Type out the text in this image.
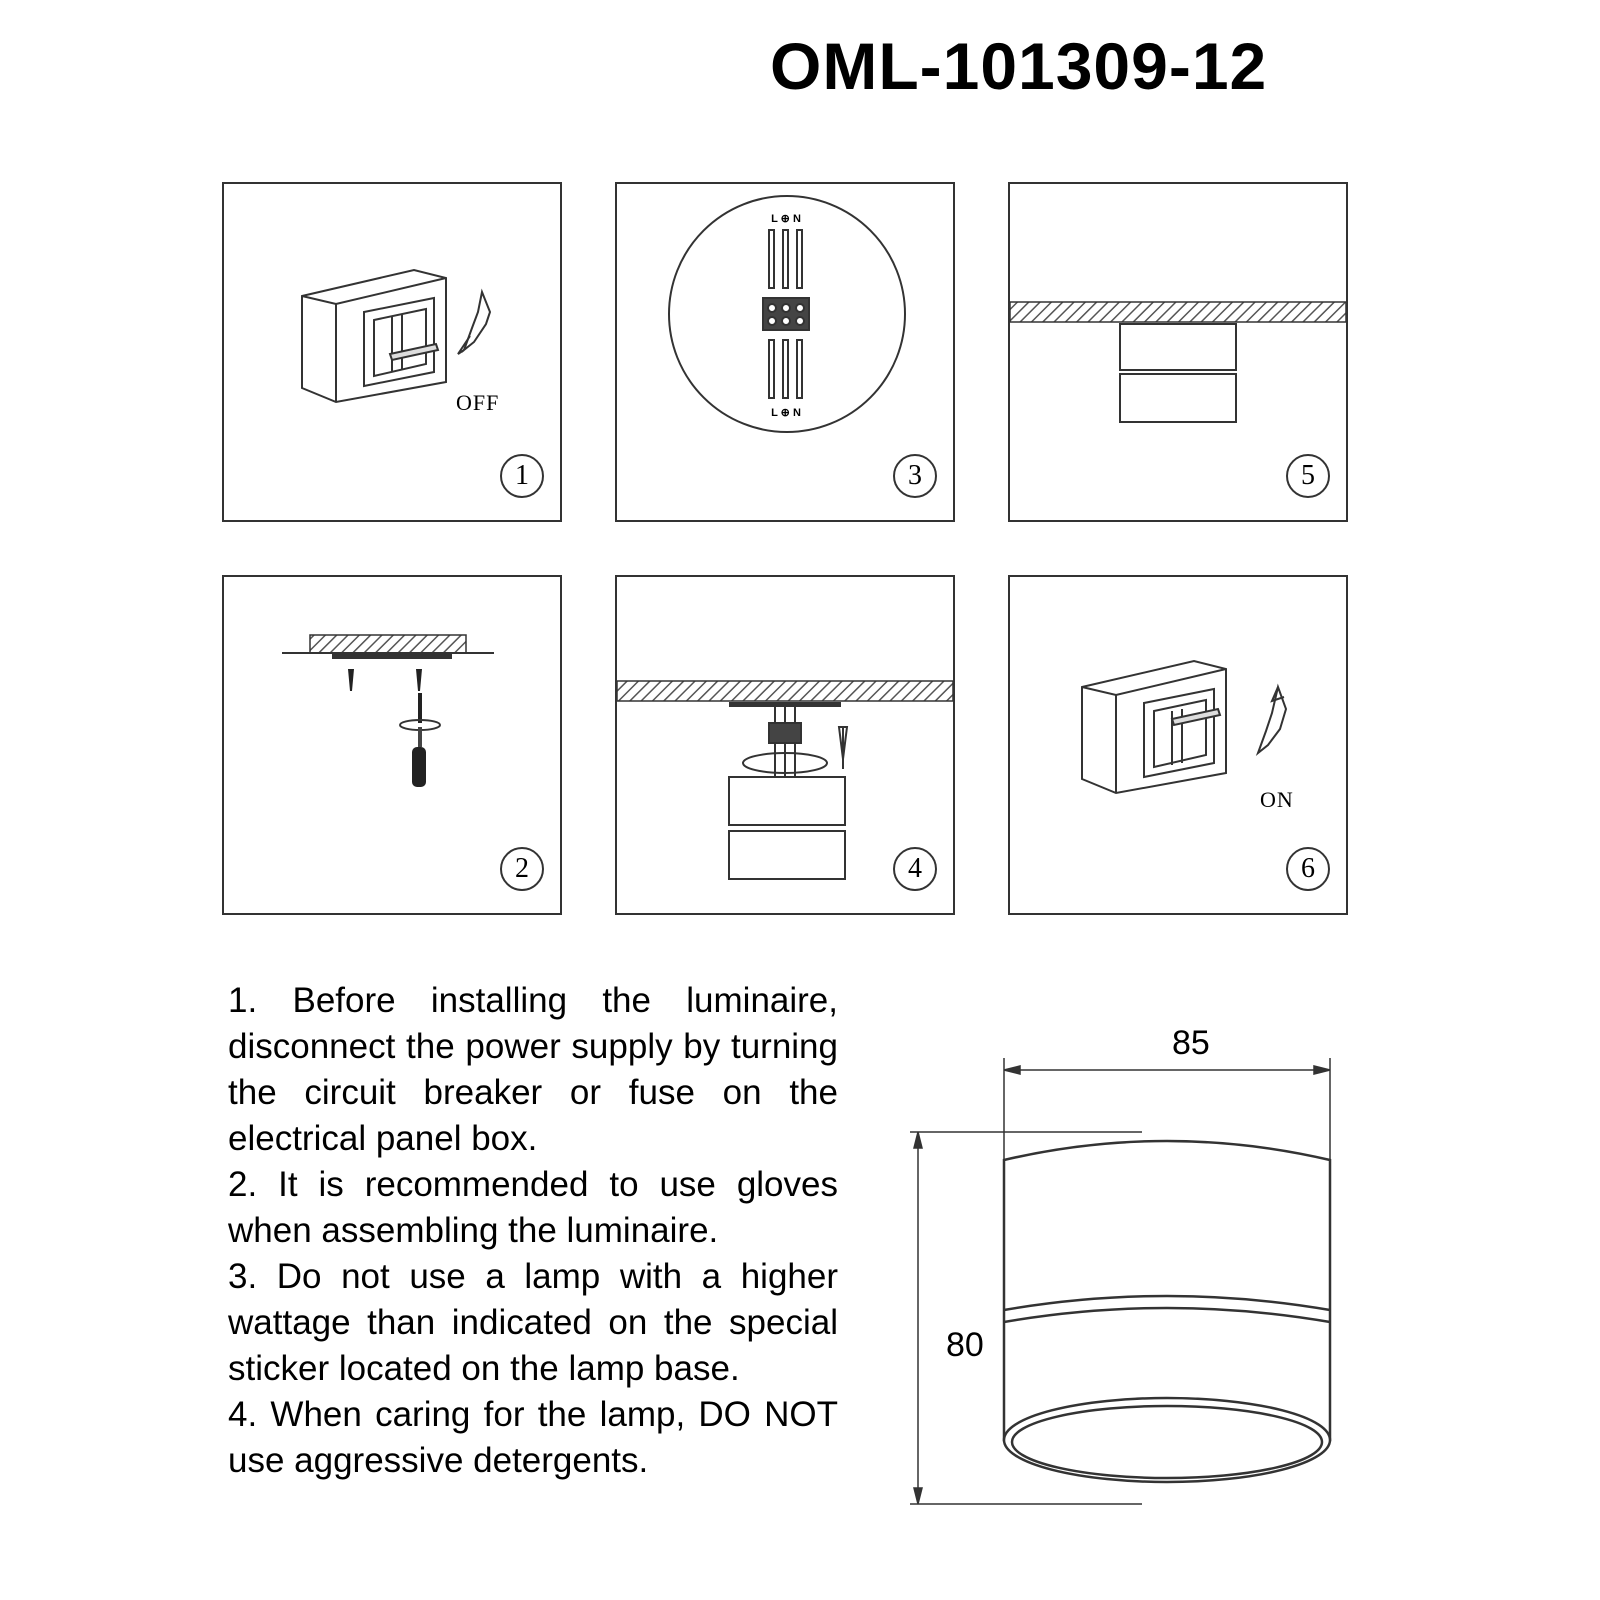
OML-101309-12
OFF
1
L ⊕ N
L ⊕ N
3	5
2	4
ON
6

1. Before installing the luminaire, disconnect the power supply by turning the circuit breaker or fuse on the electrical panel box.

2. It is recommended to use gloves when assembling the luminaire.

3. Do not use a lamp with a higher wattage than indicated on the special sticker located on the lamp base.

4. When caring for the lamp, DO NOT use aggressive detergents.

85
80
